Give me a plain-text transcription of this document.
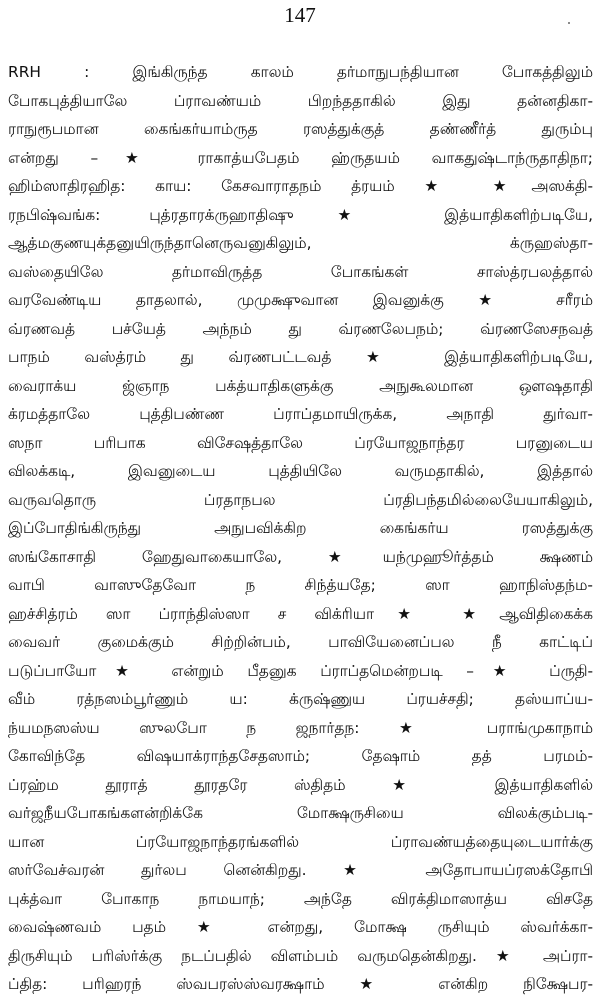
147
RRH : இங்கிருந்த காலம் தர்மாநுபந்தியான போகத்திலும்
போகபுத்தியாலே ப்ராவண்யம் பிறந்ததாகில் இது தன்னதிகா-
ராநுரூபமான கைங்கர்யாம்ருத ரஸத்துக்குத் தண்ணீர்த் துரும்பு
என்றது –★ ராகாத்யபேதம் ஹ்ருதயம் வாகதுஷ்டாந்ருதாதிநா;
ஹிம்ஸாதிரஹித: காய: கேசவாராதநம் த்ரயம் ★ ★அஸக்தி-
ரநபிஷ்வங்க: புத்ரதாரக்ருஹாதிஷு★ இத்யாதிகளிற்படியே,
ஆத்மகுணயுக்தனுயிருந்தானெருவனுகிலும், க்ருஹஸ்தா-
வஸ்தையிலே தர்மாவிருத்த போகங்கள் சாஸ்த்ரபலத்தால்
வரவேண்டிய தாதலால், முமுக்ஷுவான இவனுக்கு ★ சரீரம்
வ்ரணவத் பச்யேத் அந்நம் து வ்ரணலேபநம்; வ்ரணஸேசநவத்
பாநம் வஸ்த்ரம் து வ்ரணபட்டவத் ★ இத்யாதிகளிற்படியே,
வைராக்ய ஜ்ஞாந பக்த்யாதிகளுக்கு அநுகூலமான ஔஷதாதி
க்ரமத்தாலே புத்திபண்ண ப்ராப்தமாயிருக்க, அநாதி துர்வா-
ஸநா பரிபாக விசேஷத்தாலே ப்ரயோஜநாந்தர பரனுடைய
விலக்கடி, இவனுடைய புத்தியிலே வருமதாகில், இத்தால்
வருவதொரு ப்ரதாநபல ப்ரதிபந்தமில்லையேயாகிலும்,
இப்போதிங்கிருந்து அநுபவிக்கிற கைங்கர்ய ரஸத்துக்கு
ஸங்கோசாதி ஹேதுவாகையாலே, ★யந்முஹூர்த்தம் க்ஷணம்
வாபி வாஸுதேவோ ந சிந்த்யதே; ஸா ஹாநிஸ்தந்ம-
ஹச்சித்ரம் ஸா ப்ராந்திஸ்ஸா ச விக்ரியா★ ★ஆவிதிகைக்க
வைவர் குமைக்கும் சிற்றின்பம், பாவியேனைப்பல நீ காட்டிப்
படுப்பாயோ★ என்றும் பீதனுக ப்ராப்தமென்றபடி –★ ப்ருதி-
வீம் ரத்நஸம்பூர்ணும் ய: க்ருஷ்ணுய ப்ரயச்சதி; தஸ்யாப்ய-
ந்யமநஸஸ்ய ஸுலபோ ந ஜநார்தந: ★ பராங்முகாநாம்
கோவிந்தே விஷயாக்ராந்தசேதஸாம்; தேஷாம் தத் பரமம்-
ப்ரஹ்ம தூராத் தூரதரே ஸ்திதம் ★ இத்யாதிகளில்
வர்ஜநீயபோகங்களன்றிக்கே மோக்ஷருசியை விலக்கும்படி-
யான ப்ரயோஜநாந்தரங்களில் ப்ராவண்யத்தையுடையார்க்கு
ஸர்வேச்வரன் துர்லப னென்கிறது. ★ அதோபாயப்ரஸக்தோபி
புக்த்வா போகாந நாமயாந்; அந்தே விரக்திமாஸாத்ய விசதே
வைஷ்ணவம் பதம் ★ என்றது, மோக்ஷ ருசியும் ஸ்வர்க்கா-
திருசியும் பரிஸ்ர்க்கு நடப்பதில் விளம்பம் வருமதென்கிறது. ★ அப்ரா-
ப்தித: பரிஹரந் ஸ்வபரஸ்ஸ்வரக்ஷாம் ★ என்கிற நிக்ஷேபர-
